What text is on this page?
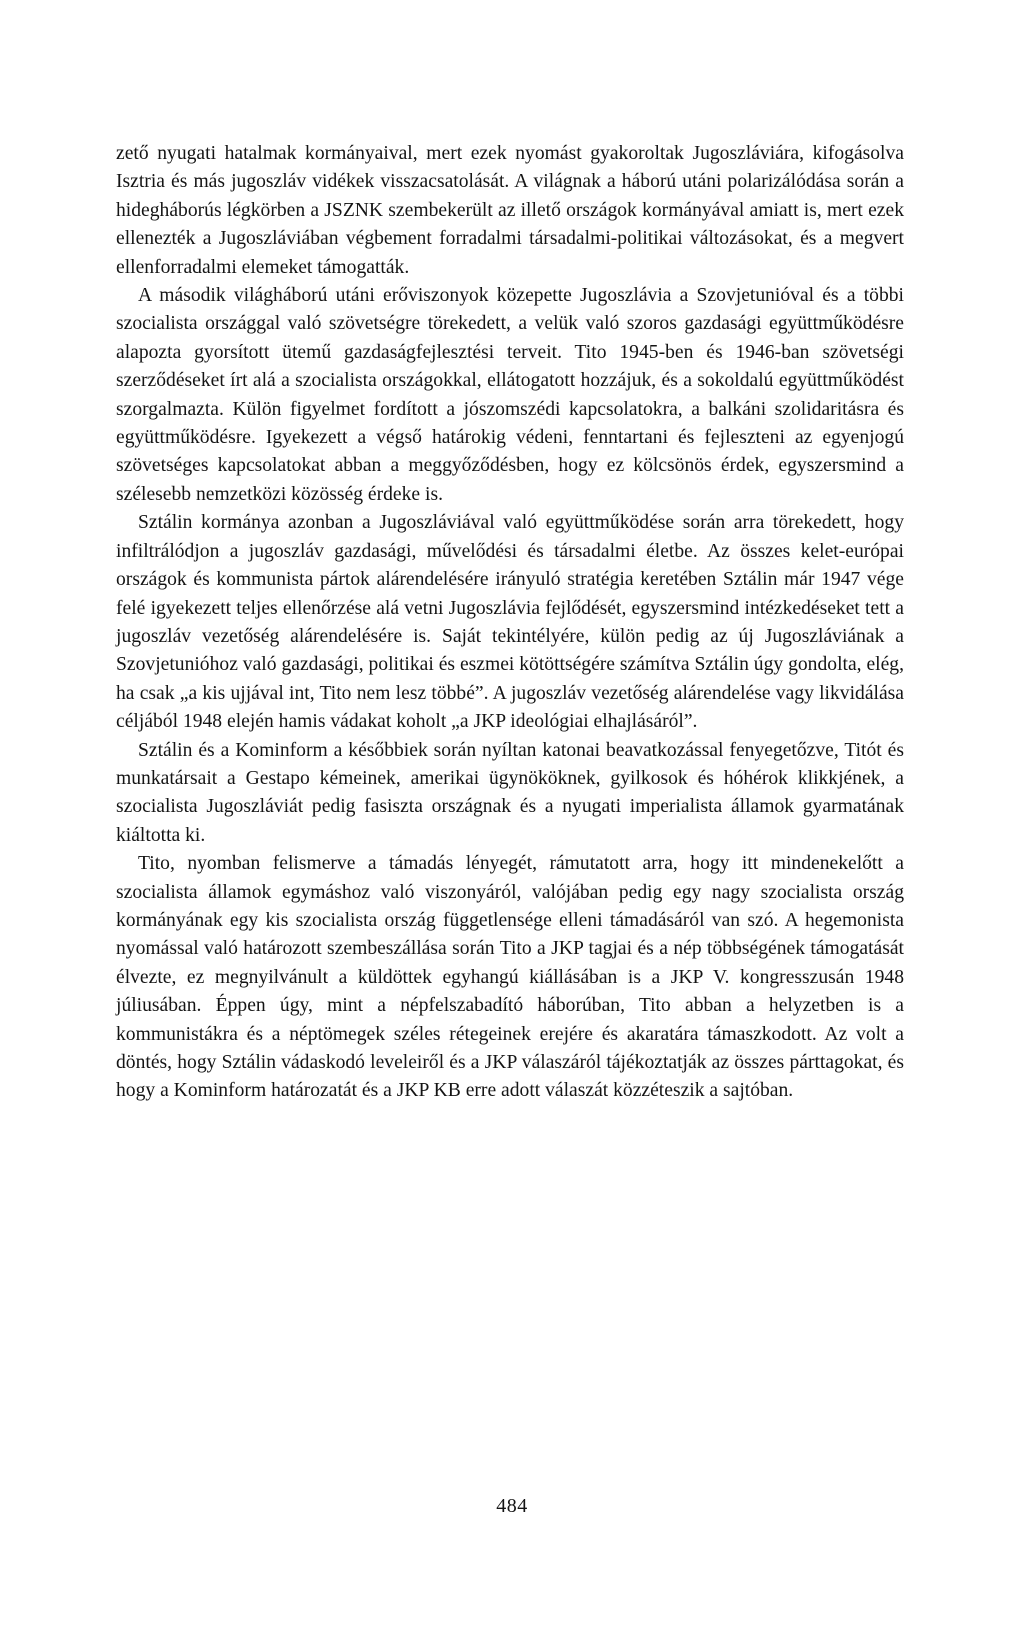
zető nyugati hatalmak kormányaival, mert ezek nyomást gyakoroltak Jugoszláviára, kifogásolva Isztria és más jugoszláv vidékek visszacsatolását. A világnak a háború utáni polarizálódása során a hidegháborús légkörben a JSZNK szembekerült az illető országok kormányával amiatt is, mert ezek ellenezték a Jugoszláviában végbement forradalmi társadalmi-politikai változásokat, és a megvert ellenforradalmi elemeket támogatták.

A második világháború utáni erőviszonyok közepette Jugoszlávia a Szovjetunióval és a többi szocialista országgal való szövetségre törekedett, a velük való szoros gazdasági együttműködésre alapozta gyorsított ütemű gazdaságfejlesztési terveit. Tito 1945-ben és 1946-ban szövetségi szerződéseket írt alá a szocialista országokkal, ellátogatott hozzájuk, és a sokoldalú együttműködést szorgalmazta. Külön figyelmet fordított a jószomszédi kapcsolatokra, a balkáni szolidaritásra és együttműködésre. Igyekezett a végső határokig védeni, fenntartani és fejleszteni az egyenjogú szövetséges kapcsolatokat abban a meggyőződésben, hogy ez kölcsönös érdek, egyszersmind a szélesebb nemzetközi közösség érdeke is.

Sztálin kormánya azonban a Jugoszláviával való együttműködése során arra törekedett, hogy infiltrálódjon a jugoszláv gazdasági, művelődési és társadalmi életbe. Az összes kelet-európai országok és kommunista pártok alárendelésére irányuló stratégia keretében Sztálin már 1947 vége felé igyekezett teljes ellenőrzése alá vetni Jugoszlávia fejlődését, egyszersmind intézkedéseket tett a jugoszláv vezetőség alárendelésére is. Saját tekintélyére, külön pedig az új Jugoszláviának a Szovjetunióhoz való gazdasági, politikai és eszmei kötöttségére számítva Sztálin úgy gondolta, elég, ha csak „a kis ujjával int, Tito nem lesz többé”. A jugoszláv vezetőség alárendelése vagy likvidálása céljából 1948 elején hamis vádakat koholt „a JKP ideológiai elhajlásáról”.

Sztálin és a Kominform a későbbiek során nyíltan katonai beavatkozással fenyegetőzve, Titót és munkatársait a Gestapo kémeinek, amerikai ügynököknek, gyilkosok és hóhérok klikkjének, a szocialista Jugoszláviát pedig fasiszta országnak és a nyugati imperialista államok gyarmatának kiáltotta ki.

Tito, nyomban felismerve a támadás lényegét, rámutatott arra, hogy itt mindenekelőtt a szocialista államok egymáshoz való viszonyáról, valójában pedig egy nagy szocialista ország kormányának egy kis szocialista ország függetlensége elleni támadásáról van szó. A hegemonista nyomással való határozott szembeszállása során Tito a JKP tagjai és a nép többségének támogatását élvezte, ez megnyilvánult a küldöttek egyhangú kiállásában is a JKP V. kongresszusán 1948 júliusában. Éppen úgy, mint a népfelszabadító háborúban, Tito abban a helyzetben is a kommunistákra és a néptömegek széles rétegeinek erejére és akaratára támaszkodott. Az volt a döntés, hogy Sztálin vádaskodó leveleiről és a JKP válaszáról tájékoztatják az összes párttagokat, és hogy a Kominform határozatát és a JKP KB erre adott válaszát közzéteszik a sajtóban.

484
